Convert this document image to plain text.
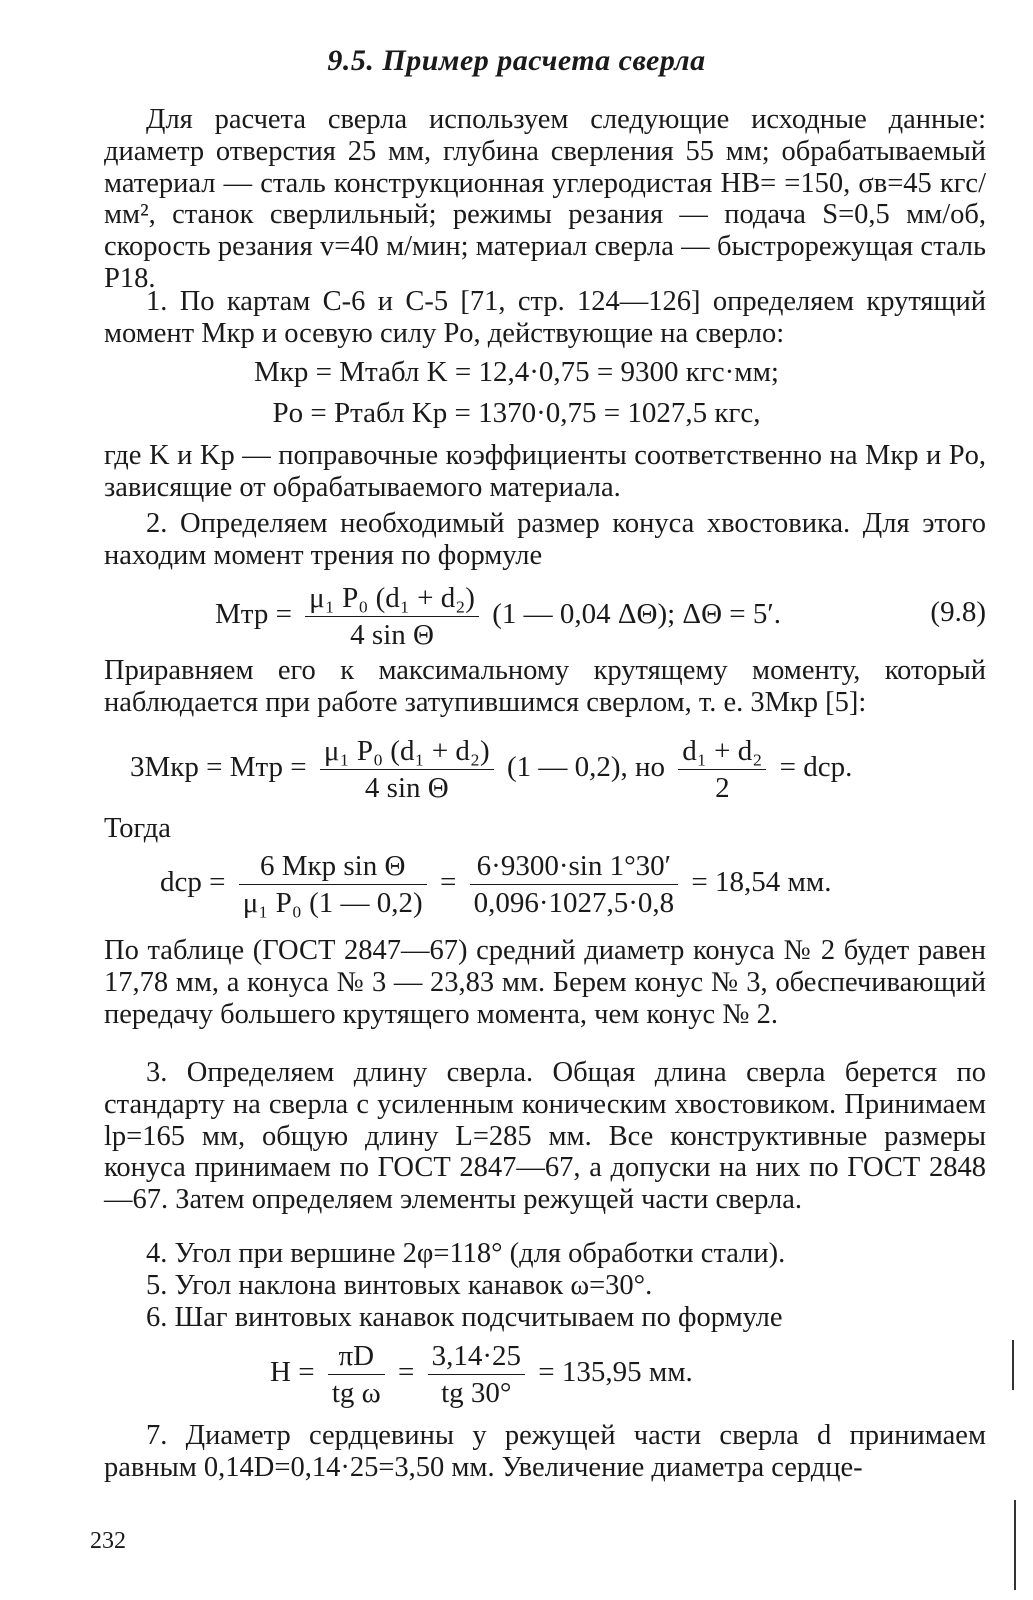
9.5. Пример расчета сверла
Для расчета сверла используем следующие исходные данные: диаметр отверстия 25 мм, глубина сверления 55 мм; обрабатываемый материал — сталь конструкционная углеродистая НВ= =150, σв=45 кгс/мм², станок сверлильный; режимы резания — подача S=0,5 мм/об, скорость резания v=40 м/мин; материал сверла — быстрорежущая сталь Р18.
1. По картам С-6 и С-5 [71, стр. 124—126] определяем крутящий момент Mкр и осевую силу Pо, действующие на сверло:
Mкр = Mтабл K = 12,4·0,75 = 9300 кгс·мм;
Pо = Pтабл Kр = 1370·0,75 = 1027,5 кгс,
где K и Kр — поправочные коэффициенты соответственно на Mкр и Pо, зависящие от обрабатываемого материала.
2. Определяем необходимый размер конуса хвостовика. Для этого находим момент трения по формуле
Mтр = $\frac{\text{μ₁ P₀ (d₁ + d₂)}}{\text{4 sin Θ}} (1$ — 0,04 ΔΘ); ΔΘ = 5′.	(9.8)
Приравняем его к максимальному крутящему моменту, который наблюдается при работе затупившимся сверлом, т. е. 3Mкр [5]:
3Mкр = Mтр = $\frac{\text{μ₁ P₀ (d₁ + d₂)}}{\text{4 sin Θ}} (1$ — 0,2), но $\frac{\text{d₁ + d₂}}{2}$ = dср.
Тогда
dср = $\frac{\text{6 Mкр sin Θ}}{\text{μ₁ P₀ (1 — 0,2)}} = \frac{6\cdot 9300\cdot\sin 1^\circ 30'}{0,096\cdot 1027,5\cdot 0,8} = 18,54$ мм.
По таблице (ГОСТ 2847—67) средний диаметр конуса № 2 будет равен 17,78 мм, а конуса № 3 — 23,83 мм. Берем конус № 3, обеспечивающий передачу большего крутящего момента, чем конус № 2.
3. Определяем длину сверла. Общая длина сверла берется по стандарту на сверла с усиленным коническим хвостовиком. Принимаем lр=165 мм, общую длину L=285 мм. Все конструктивные размеры конуса принимаем по ГОСТ 2847—67, а допуски на них по ГОСТ 2848—67. Затем определяем элементы режущей части сверла.
4. Угол при вершине 2φ=118° (для обработки стали).
5. Угол наклона винтовых канавок ω=30°.
6. Шаг винтовых канавок подсчитываем по формуле
$H = \frac{\pi D}{\text{tg ω}} = \frac{3,14\cdot 25}{tg 30^\circ} = 135,95$ мм.
7. Диаметр сердцевины у режущей части сверла d принимаем равным 0,14D=0,14·25=3,50 мм. Увеличение диаметра сердце-
232
